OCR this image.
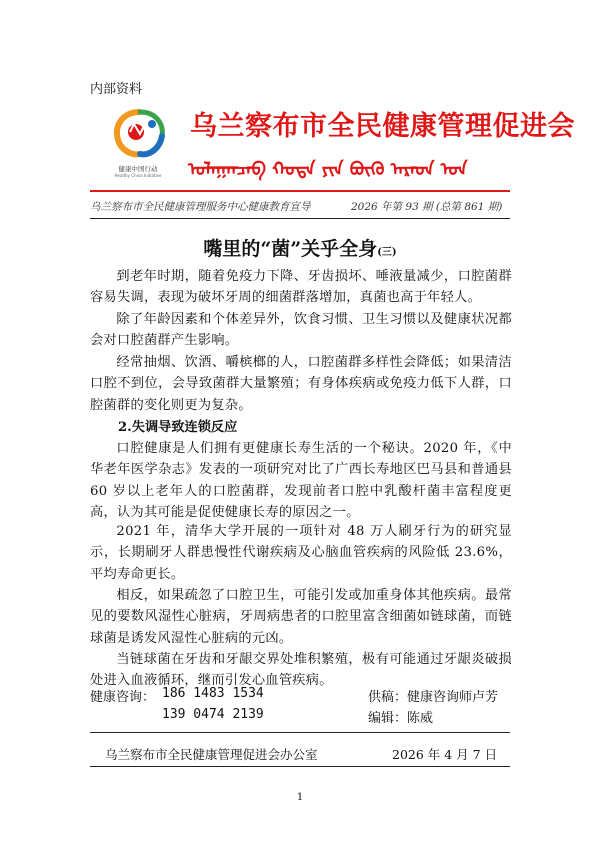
内部资料
健康中国行动
Healthy China Initiative
乌兰察布市全民健康管理促进会
ᠤᠯᠠᠭᠠᠨᠴᠠᠪ ᠬᠣᠲᠠ ᠶᠢᠨ ᠪᠦᠬᠦ ᠠᠷᠠᠳ ᠤᠨ
乌兰察布市全民健康管理服务中心健康教育宣导	2026 年第 93 期 (总第 861 期)
嘴里的“菌”关乎全身(三)
到老年时期，随着免疫力下降、牙齿损坏、唾液量减少，口腔菌群容易失调，表现为破坏牙周的细菌群落增加，真菌也高于年轻人。
除了年龄因素和个体差异外，饮食习惯、卫生习惯以及健康状况都会对口腔菌群产生影响。
经常抽烟、饮酒、嚼槟榔的人，口腔菌群多样性会降低；如果清洁口腔不到位，会导致菌群大量繁殖；有身体疾病或免疫力低下人群，口腔菌群的变化则更为复杂。
2.失调导致连锁反应
口腔健康是人们拥有更健康长寿生活的一个秘诀。2020 年，《中华老年医学杂志》发表的一项研究对比了广西长寿地区巴马县和普通县 60 岁以上老年人的口腔菌群，发现前者口腔中乳酸杆菌丰富程度更高，认为其可能是促使健康长寿的原因之一。
2021 年，清华大学开展的一项针对 48 万人刷牙行为的研究显示，长期刷牙人群患慢性代谢疾病及心脑血管疾病的风险低 23.6%，平均寿命更长。
相反，如果疏忽了口腔卫生，可能引发或加重身体其他疾病。最常见的要数风湿性心脏病，牙周病患者的口腔里富含细菌如链球菌，而链球菌是诱发风湿性心脏病的元凶。
当链球菌在牙齿和牙龈交界处堆积繁殖，极有可能通过牙龈炎破损处进入血液循环，继而引发心血管疾病。
健康咨询： 186 1483 1534
139 0474 2139
供稿：健康咨询师卢芳
编辑：陈威
乌兰察布市全民健康管理促进会办公室	2026 年 4 月 7 日
1
